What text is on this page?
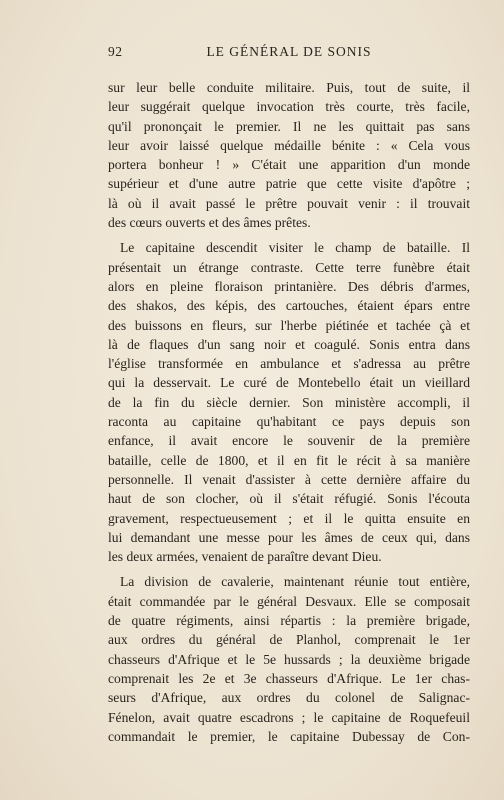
92	LE GÉNÉRAL DE SONIS
sur leur belle conduite militaire. Puis, tout de suite, il
leur suggérait quelque invocation très courte, très facile,
qu'il prononçait le premier. Il ne les quittait pas sans
leur avoir laissé quelque médaille bénite : « Cela vous
portera bonheur ! » C'était une apparition d'un monde
supérieur et d'une autre patrie que cette visite d'apôtre ;
là où il avait passé le prêtre pouvait venir : il trouvait
des cœurs ouverts et des âmes prêtes.
Le capitaine descendit visiter le champ de bataille. Il
présentait un étrange contraste. Cette terre funèbre était
alors en pleine floraison printanière. Des débris d'armes,
des shakos, des képis, des cartouches, étaient épars entre
des buissons en fleurs, sur l'herbe piétinée et tachée çà et
là de flaques d'un sang noir et coagulé. Sonis entra dans
l'église transformée en ambulance et s'adressa au prêtre
qui la desservait. Le curé de Montebello était un vieillard
de la fin du siècle dernier. Son ministère accompli, il
raconta au capitaine qu'habitant ce pays depuis son
enfance, il avait encore le souvenir de la première
bataille, celle de 1800, et il en fit le récit à sa manière
personnelle. Il venait d'assister à cette dernière affaire du
haut de son clocher, où il s'était réfugié. Sonis l'écouta
gravement, respectueusement ; et il le quitta ensuite en
lui demandant une messe pour les âmes de ceux qui, dans
les deux armées, venaient de paraître devant Dieu.
La division de cavalerie, maintenant réunie tout entière,
était commandée par le général Desvaux. Elle se composait
de quatre régiments, ainsi répartis : la première brigade,
aux ordres du général de Planhol, comprenait le 1er
chasseurs d'Afrique et le 5e hussards ; la deuxième brigade
comprenait les 2e et 3e chasseurs d'Afrique. Le 1er chas-
seurs d'Afrique, aux ordres du colonel de Salignac-
Fénelon, avait quatre escadrons ; le capitaine de Roquefeuil
commandait le premier, le capitaine Dubessay de Con-
